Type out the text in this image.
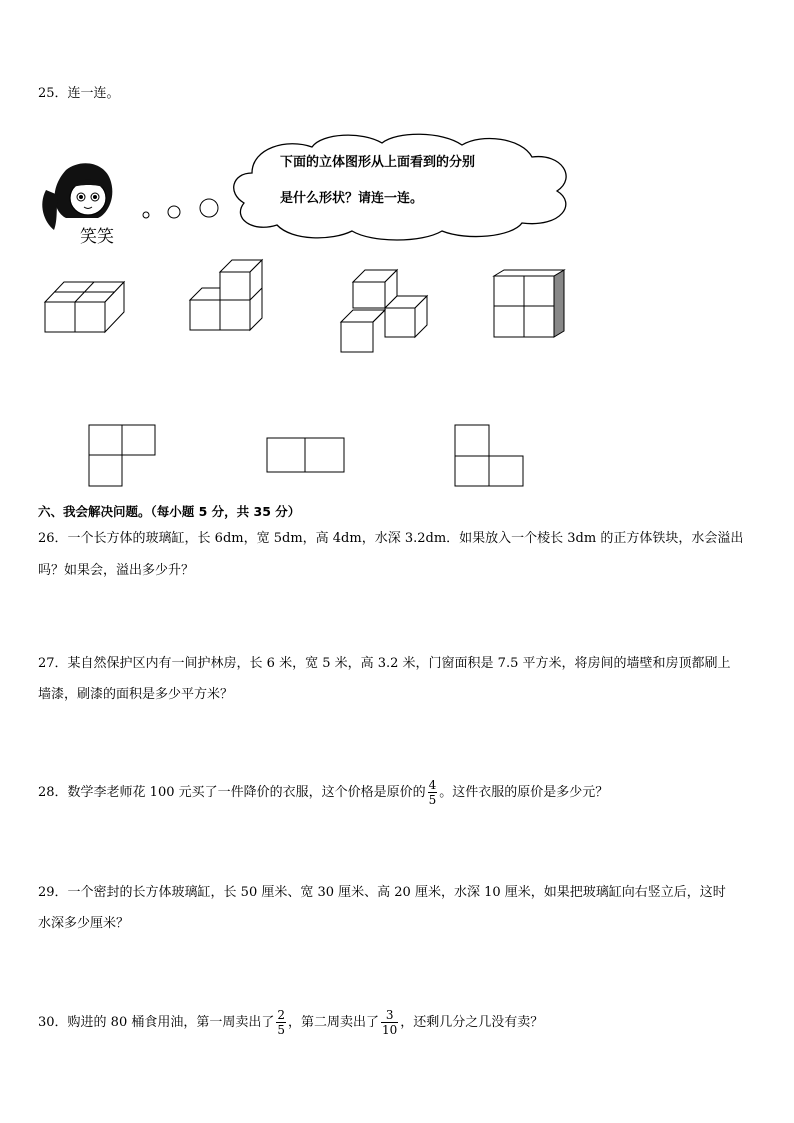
25．连一连。
笑笑
下面的立体图形从上面看到的分别
是什么形状？请连一连。
六、我会解决问题。（每小题 5 分，共 35 分）
26．一个长方体的玻璃缸，长 6dm，宽 5dm，高 4dm，水深 3.2dm．如果放入一个棱长 3dm 的正方体铁块，水会溢出
吗？如果会，溢出多少升？
27．某自然保护区内有一间护林房，长 6 米，宽 5 米，高 3.2 米，门窗面积是 7.5 平方米，将房间的墙壁和房顶都刷上
墙漆，刷漆的面积是多少平方米？
28．数学李老师花 100 元买了一件降价的衣服，这个价格是原价的 $\frac{4}{5}$ 。这件衣服的原价是多少元？
29．一个密封的长方体玻璃缸，长 50 厘米、宽 30 厘米、高 20 厘米，水深 10 厘米，如果把玻璃缸向右竖立后，这时
水深多少厘米？
30．购进的 80 桶食用油，第一周卖出了 $\frac{2}{5}$ ，第二周卖出了 $\frac{3}{10}$ ，还剩几分之几没有卖？
